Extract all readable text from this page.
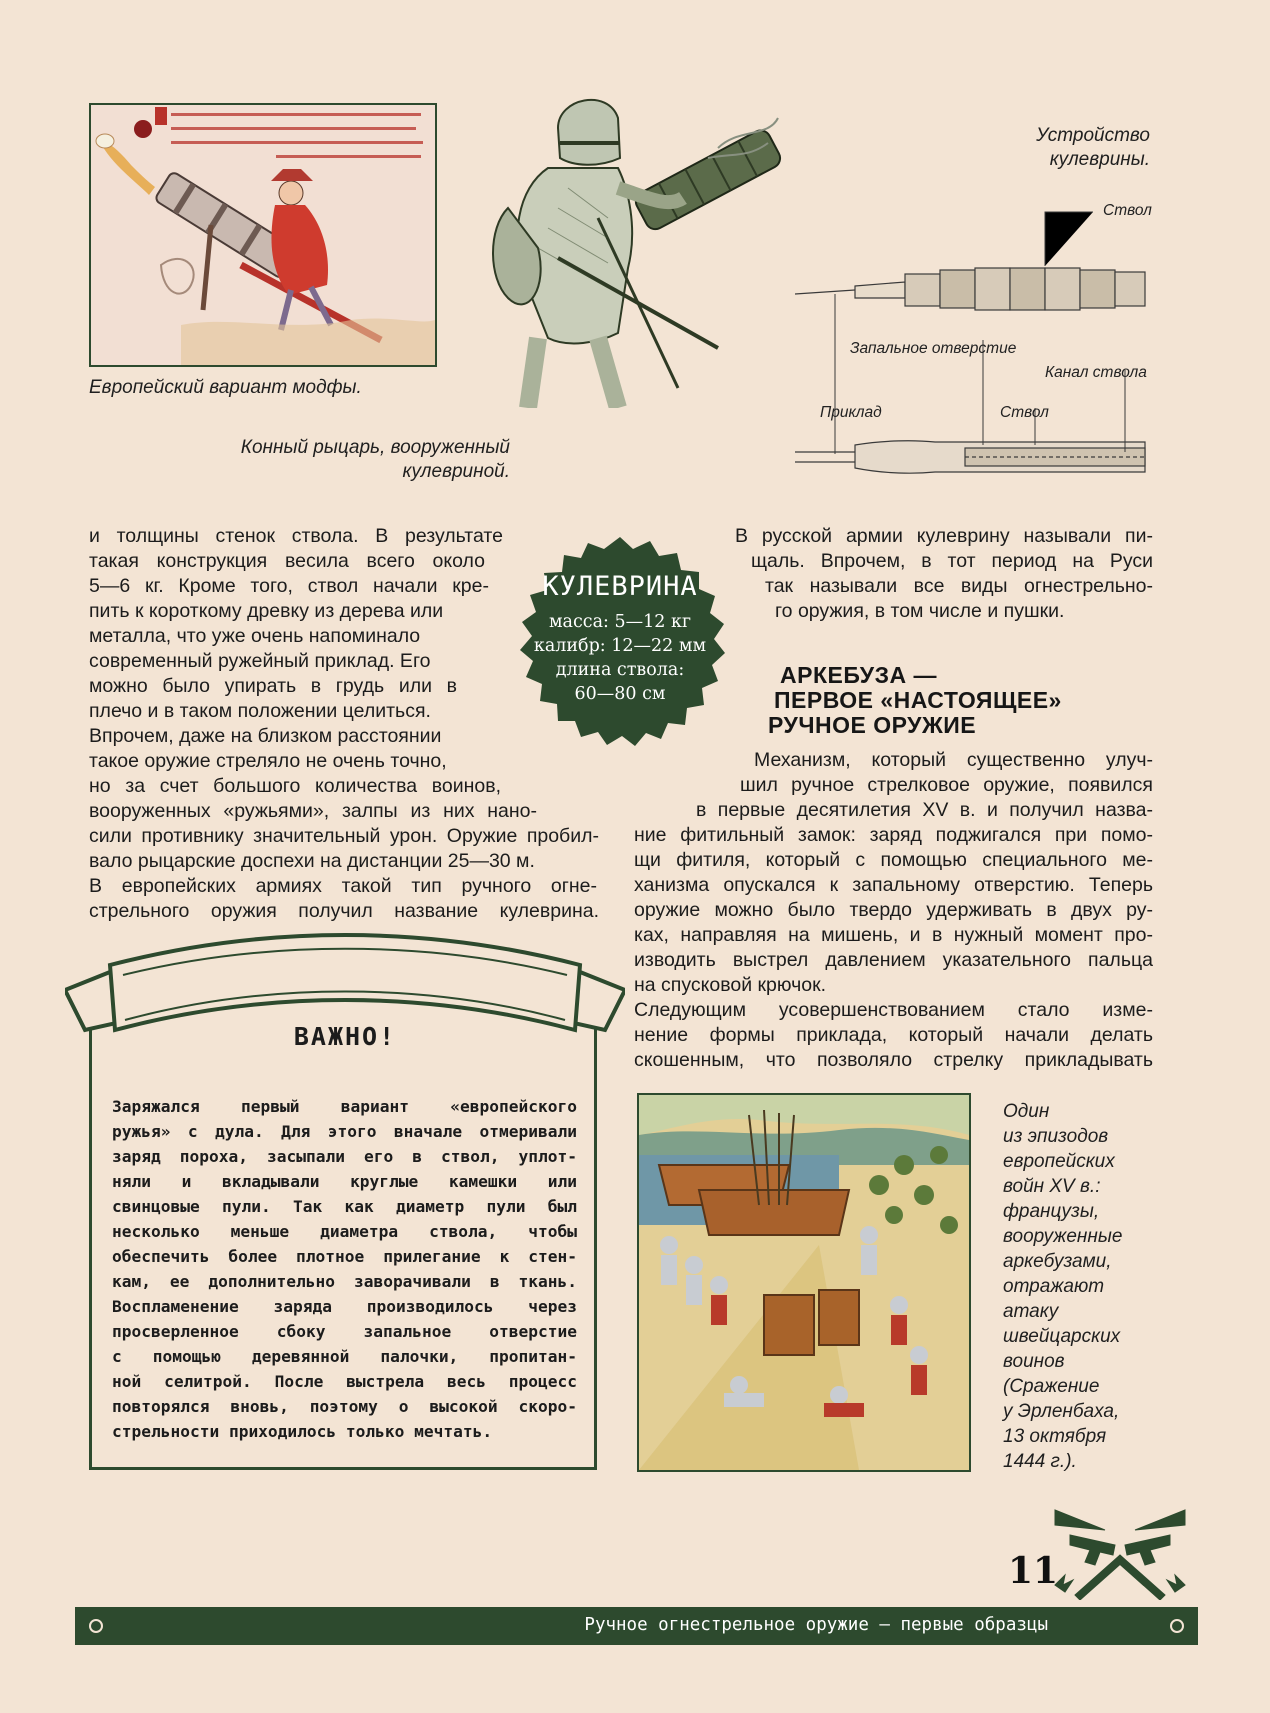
Европейский вариант модфы.
Конный рыцарь, вооруженный
кулевриной.
Устройство
кулеврины.
Ствол
Запальное отверстие
Канал ствола
Приклад	Ствол
и толщины стенок ствола. В результате
такая конструкция весила всего около
5—6 кг. Кроме того, ствол начали кре-
пить к короткому древку из дерева или
металла, что уже очень напоминало
современный ружейный приклад. Его
можно было упирать в грудь или в
плечо и в таком положении целиться.
Впрочем, даже на близком расстоянии
такое оружие стреляло не очень точно,
но за счет большого количества воинов,
вооруженных «ружьями», залпы из них нано-
сили противнику значительный урон. Оружие пробил-
вало рыцарские доспехи на дистанции 25—30 м.
В европейских армиях такой тип ручного огне-
стрельного оружия получил название кулеврина.
КУЛЕВРИНА
масса: 5—12 кг
калибр: 12—22 мм
длина ствола:
60—80 см
В русской армии кулеврину называли пи-
щаль. Впрочем, в тот период на Руси
так называли все виды огнестрельно-
го оружия, в том числе и пушки.
АРКЕБУЗА —
ПЕРВОЕ «НАСТОЯЩЕЕ»
РУЧНОЕ ОРУЖИЕ
Механизм, который существенно улуч-
шил ручное стрелковое оружие, появился
в первые десятилетия XV в. и получил назва-
ние фитильный замок: заряд поджигался при помо-
щи фитиля, который с помощью специального ме-
ханизма опускался к запальному отверстию. Теперь
оружие можно было твердо удерживать в двух ру-
ках, направляя на мишень, и в нужный момент про-
изводить выстрел давлением указательного пальца
на спусковой крючок.
Следующим усовершенствованием стало изме-
нение формы приклада, который начали делать
скошенным, что позволяло стрелку прикладывать
ВАЖНО!
Заряжался первый вариант «европейского
ружья» с дула. Для этого вначале отмеривали
заряд пороха, засыпали его в ствол, уплот-
няли и вкладывали круглые камешки или
свинцовые пули. Так как диаметр пули был
несколько меньше диаметра ствола, чтобы
обеспечить более плотное прилегание к стен-
кам, ее дополнительно заворачивали в ткань.
Воспламенение заряда производилось через
просверленное сбоку запальное отверстие
с помощью деревянной палочки, пропитан-
ной селитрой. После выстрела весь процесс
повторялся вновь, поэтому о высокой скоро-
стрельности приходилось только мечтать.
Один
из эпизодов
европейских
войн XV в.:
французы,
вооруженные
аркебузами,
отражают
атаку
швейцарских
воинов
(Сражение
у Эрленбаха,
13 октября
1444 г.).
11
Ручное огнестрельное оружие — первые образцы
